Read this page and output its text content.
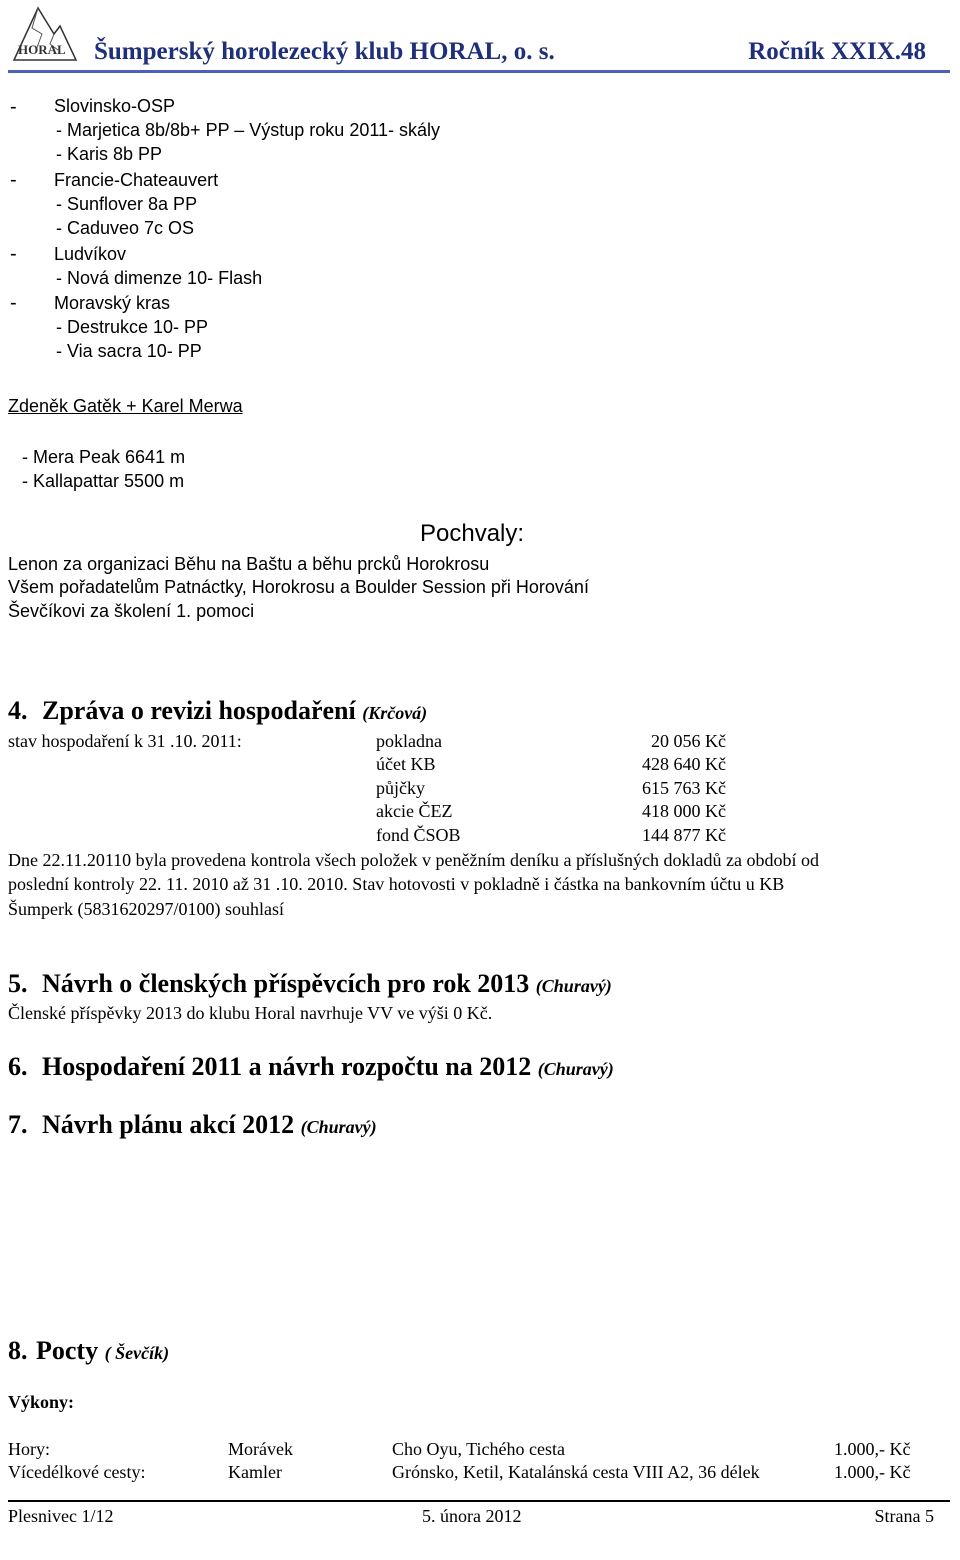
HORAL Šumperský horolezecký klub HORAL, o. s.	Ročník XXIX.48
- Slovinsko-OSP
- Marjetica 8b/8b+ PP – Výstup roku 2011- skály
- Karis 8b PP
- Francie-Chateauvert
- Sunflover 8a PP
- Caduveo 7c OS
- Ludvíkov
- Nová dimenze 10- Flash
- Moravský kras
- Destrukce 10- PP
- Via sacra 10- PP
Zdeněk Gatěk + Karel Merwa
- Mera Peak 6641 m
- Kallapattar 5500 m
Pochvaly:
Lenon za organizaci Běhu na Baštu a běhu prcků Horokrosu
Všem pořadatelům Patnáctky, Horokrosu a Boulder Session při Horování
Ševčíkovi za školení 1. pomoci
4. Zpráva o revizi hospodaření (Krčová)
stav hospodaření k 31 .10. 2011:	pokladna	20 056 Kč
účet KB	428 640 Kč
půjčky	615 763 Kč
akcie ČEZ	418 000 Kč
fond ČSOB	144 877 Kč
Dne 22.11.20110 byla provedena kontrola všech položek v peněžním deníku a příslušných dokladů za období od
poslední kontroly 22. 11. 2010 až 31 .10. 2010. Stav hotovosti v pokladně i částka na bankovním účtu u KB
Šumperk (5831620297/0100) souhlasí
5. Návrh o členských příspěvcích pro rok 2013 (Churavý)
Členské příspěvky 2013 do klubu Horal navrhuje VV ve výši 0 Kč.
6. Hospodaření 2011 a návrh rozpočtu na 2012 (Churavý)
7. Návrh plánu akcí 2012 (Churavý)
8. Pocty ( Ševčík)
Výkony:
Hory:	Morávek	Cho Oyu, Tichého cesta	1.000,- Kč
Vícedélkové cesty:	Kamler	Grónsko, Ketil, Katalánská cesta VIII A2, 36 délek	1.000,- Kč
Plesnivec 1/12	5. února 2012	Strana 5
